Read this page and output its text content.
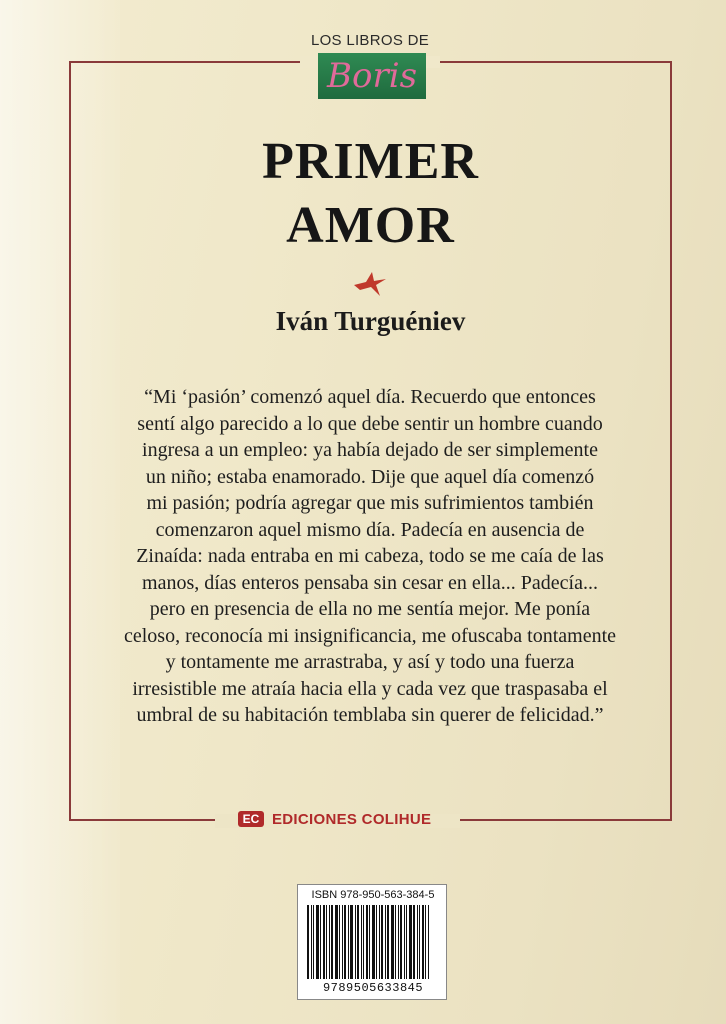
LOS LIBROS DE
Boris
PRIMER
AMOR
Iván Turguéniev
“Mi ‘pasión’ comenzó aquel día. Recuerdo que entonces
sentí algo parecido a lo que debe sentir un hombre cuando
ingresa a un empleo: ya había dejado de ser simplemente
un niño; estaba enamorado. Dije que aquel día comenzó
mi pasión; podría agregar que mis sufrimientos también
comenzaron aquel mismo día. Padecía en ausencia de
Zinaída: nada entraba en mi cabeza, todo se me caía de las
manos, días enteros pensaba sin cesar en ella... Padecía...
pero en presencia de ella no me sentía mejor. Me ponía
celoso, reconocía mi insignificancia, me ofuscaba tontamente
y tontamente me arrastraba, y así y todo una fuerza
irresistible me atraía hacia ella y cada vez que traspasaba el
umbral de su habitación temblaba sin querer de felicidad.”
EC EDICIONES COLIHUE
ISBN 978-950-563-384-5
9789505633845
